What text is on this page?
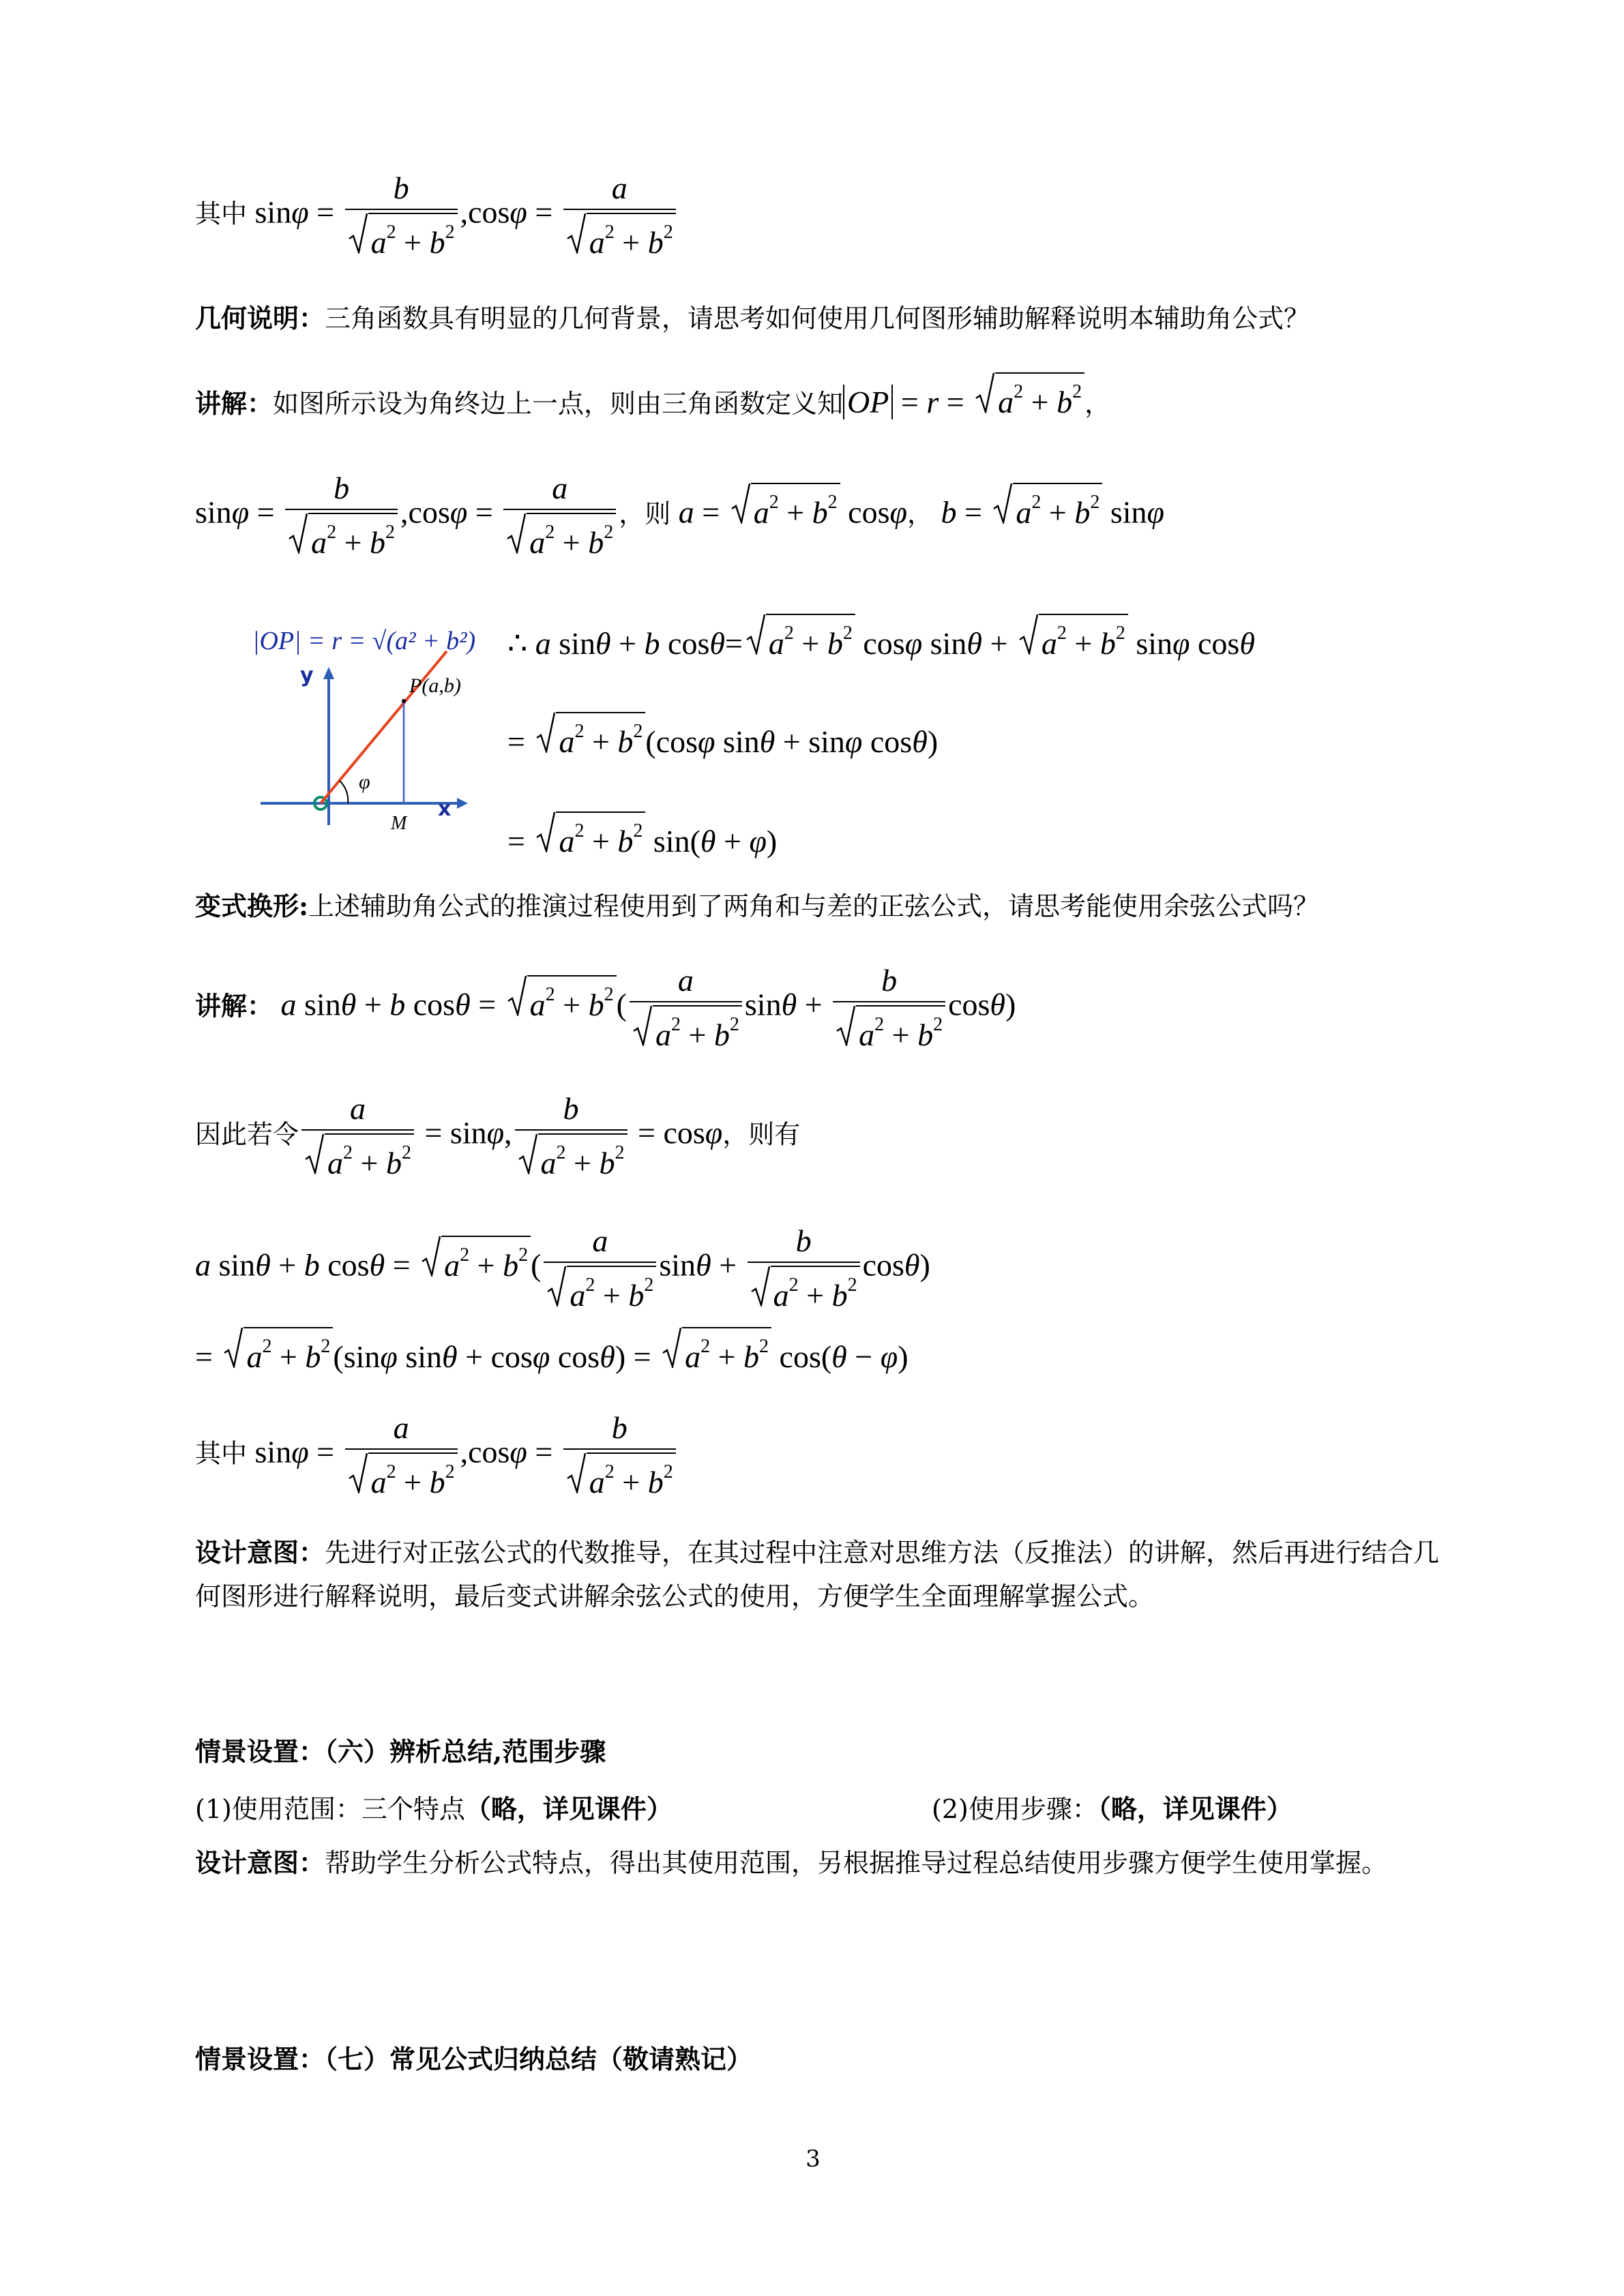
其中 $\sin\varphi = \frac{b}{a^2 + b^2} ,\cos\varphi = \frac{a}{a^2 + b^2}$
几何说明：三角函数具有明显的几何背景，请思考如何使用几何图形辅助解释说明本辅助角公式？
讲解：如图所示设为角终边上一点，则由三角函数定义知 OP = r =
$a^2 + b^2$ ，
$\sin\varphi = \frac{b}{a^2 + b^2} ,\cos\varphi = \frac{a}{a^2 + b^2}$ ，则 a =
$a^2 + b^2$ cosφ， b =
$a^2 + b^2$ sinφ
|OP| = r = √(a² + b²)
y
x
P(a,b)
φ
M
∴ a sinθ + b $\cos\theta= a^2 + b^2$ cosφ sinθ +
$a^2 + b^2$ sinφ cosθ
=
$a^2 + b^2(\cos\varphi$ sinθ + sinφ cosθ)
=
$a^2 + b^2$ sin(θ + φ)
变式换形:上述辅助角公式的推演过程使用到了两角和与差的正弦公式，请思考能使用余弦公式吗？
讲解： a sinθ + b cosθ =
$a^2 + b^2( \frac{a}{a^2 + b^2}$ $\sin\theta + \frac{b}{a^2 + b^2} \cos\theta$)
因此若令 $\frac{a}{a^2 + b^2} = \sin\varphi$, $\frac{b}{a^2 + b^2} = \cos\varphi$，则有
a sinθ + b cosθ =
$a^2 + b^2( \frac{a}{a^2 + b^2}$ $\sin\theta + \frac{b}{a^2 + b^2} \cos\theta$)
=
$a^2 + b^2(\sin\varphi$ sinθ + cosφ cosθ) =
$a^2 + b^2$ cos(θ − φ)
其中 $\sin\varphi = \frac{a}{a^2 + b^2} ,\cos\varphi = \frac{b}{a^2 + b^2}$
设计意图：先进行对正弦公式的代数推导，在其过程中注意对思维方法（反推法）的讲解，然后再进行结合几何图形进行解释说明，最后变式讲解余弦公式的使用，方便学生全面理解掌握公式。
情景设置：（六）辨析总结,范围步骤
(1)使用范围：三个特点（略，详见课件）	(2)使用步骤：（略，详见课件）
设计意图：帮助学生分析公式特点，得出其使用范围，另根据推导过程总结使用步骤方便学生使用掌握。
情景设置：（七）常见公式归纳总结（敬请熟记）
3
